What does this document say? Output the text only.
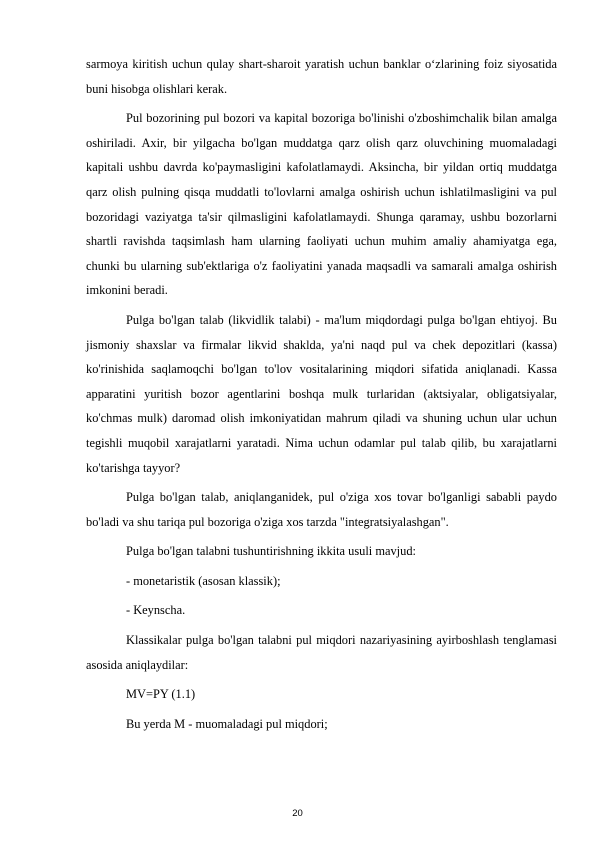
sarmoya kiritish uchun qulay shart-sharoit yaratish uchun banklar o‘zlarining foiz siyosatida buni hisobga olishlari kerak.

Pul bozorining pul bozori va kapital bozoriga bo'linishi o'zboshimchalik bilan amalga oshiriladi. Axir, bir yilgacha bo'lgan muddatga qarz olish qarz oluvchining muomaladagi kapitali ushbu davrda ko'paymasligini kafolatlamaydi. Aksincha, bir yildan ortiq muddatga qarz olish pulning qisqa muddatli to'lovlarni amalga oshirish uchun ishlatilmasligini va pul bozoridagi vaziyatga ta'sir qilmasligini kafolatlamaydi. Shunga qaramay, ushbu bozorlarni shartli ravishda taqsimlash ham ularning faoliyati uchun muhim amaliy ahamiyatga ega, chunki bu ularning sub'ektlariga o'z faoliyatini yanada maqsadli va samarali amalga oshirish imkonini beradi.

Pulga bo'lgan talab (likvidlik talabi) - ma'lum miqdordagi pulga bo'lgan ehtiyoj. Bu jismoniy shaxslar va firmalar likvid shaklda, ya'ni naqd pul va chek depozitlari (kassa) ko'rinishida saqlamoqchi bo'lgan to'lov vositalarining miqdori sifatida aniqlanadi. Kassa apparatini yuritish bozor agentlarini boshqa mulk turlaridan (aktsiyalar, obligatsiyalar, ko'chmas mulk) daromad olish imkoniyatidan mahrum qiladi va shuning uchun ular uchun tegishli muqobil xarajatlarni yaratadi. Nima uchun odamlar pul talab qilib, bu xarajatlarni ko'tarishga tayyor?

Pulga bo'lgan talab, aniqlanganidek, pul o'ziga xos tovar bo'lganligi sababli paydo bo'ladi va shu tariqa pul bozoriga o'ziga xos tarzda "integratsiyalashgan".

Pulga bo'lgan talabni tushuntirishning ikkita usuli mavjud:

- monetaristik (asosan klassik);

- Keynscha.

Klassikalar pulga bo'lgan talabni pul miqdori nazariyasining ayirboshlash tenglamasi asosida aniqlaydilar:

MV=PY (1.1)

Bu yerda M - muomaladagi pul miqdori;

20
